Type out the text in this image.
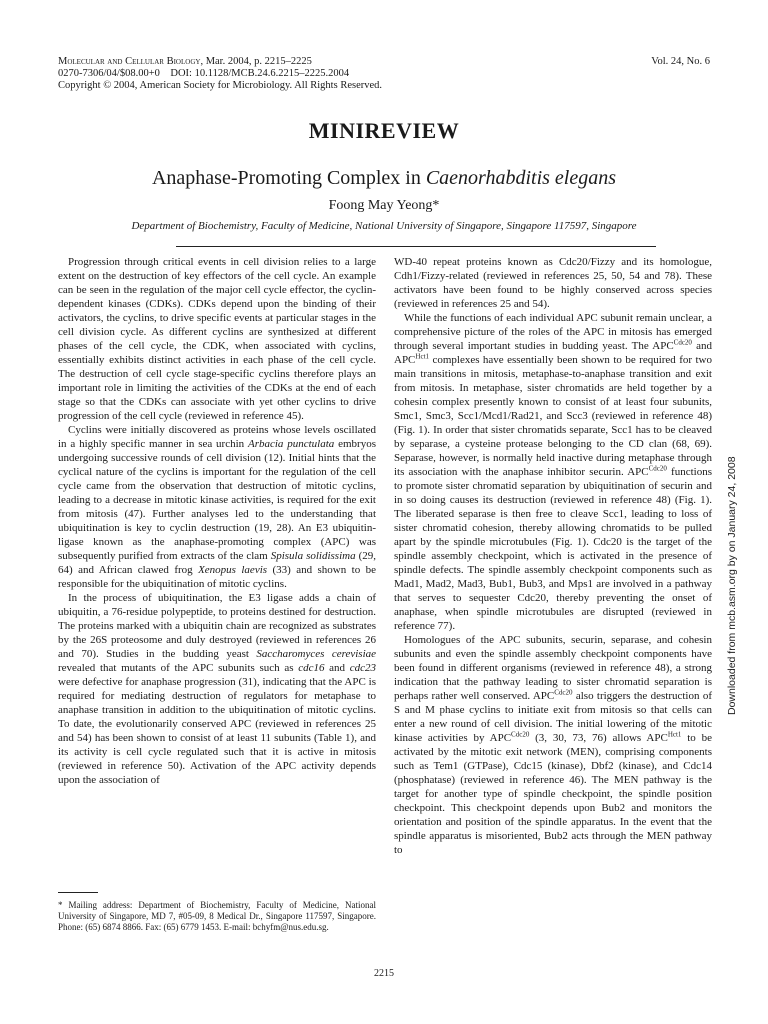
Molecular and Cellular Biology, Mar. 2004, p. 2215–2225
0270-7306/04/$08.00+0    DOI: 10.1128/MCB.24.6.2215–2225.2004
Copyright © 2004, American Society for Microbiology. All Rights Reserved.
Vol. 24, No. 6
MINIREVIEW
Anaphase-Promoting Complex in Caenorhabditis elegans
Foong May Yeong*
Department of Biochemistry, Faculty of Medicine, National University of Singapore, Singapore 117597, Singapore

Progression through critical events in cell division relies to a large extent on the destruction of key effectors of the cell cycle. An example can be seen in the regulation of the major cell cycle effector, the cyclin-dependent kinases (CDKs). CDKs depend upon the binding of their activators, the cyclins, to drive specific events at particular stages in the cell division cycle. As different cyclins are synthesized at different phases of the cell cycle, the CDK, when associated with cyclins, essentially exhibits distinct activities in each phase of the cell cycle. The destruction of cell cycle stage-specific cyclins therefore plays an important role in limiting the activities of the CDKs at the end of each stage so that the CDKs can associate with yet other cyclins to drive progression of the cell cycle (reviewed in reference 45).

Cyclins were initially discovered as proteins whose levels oscillated in a highly specific manner in sea urchin Arbacia punctulata embryos undergoing successive rounds of cell division (12). Initial hints that the cyclical nature of the cyclins is important for the regulation of the cell cycle came from the observation that destruction of mitotic cyclins, leading to a decrease in mitotic kinase activities, is required for the exit from mitosis (47). Further analyses led to the understanding that ubiquitination is key to cyclin destruction (19, 28). An E3 ubiquitin-ligase known as the anaphase-promoting complex (APC) was subsequently purified from extracts of the clam Spisula solidissima (29, 64) and African clawed frog Xenopus laevis (33) and shown to be responsible for the ubiquitination of mitotic cyclins.

In the process of ubiquitination, the E3 ligase adds a chain of ubiquitin, a 76-residue polypeptide, to proteins destined for destruction. The proteins marked with a ubiquitin chain are recognized as substrates by the 26S proteosome and duly destroyed (reviewed in references 26 and 70). Studies in the budding yeast Saccharomyces cerevisiae revealed that mutants of the APC subunits such as cdc16 and cdc23 were defective for anaphase progression (31), indicating that the APC is required for mediating destruction of regulators for metaphase to anaphase transition in addition to the ubiquitination of mitotic cyclins. To date, the evolutionarily conserved APC (reviewed in references 25 and 54) has been shown to consist of at least 11 subunits (Table 1), and its activity is cell cycle regulated such that it is active in mitosis (reviewed in reference 50). Activation of the APC activity depends upon the association of

WD-40 repeat proteins known as Cdc20/Fizzy and its homologue, Cdh1/Fizzy-related (reviewed in references 25, 50, 54 and 78). These activators have been found to be highly conserved across species (reviewed in references 25 and 54).

While the functions of each individual APC subunit remain unclear, a comprehensive picture of the roles of the APC in mitosis has emerged through several important studies in budding yeast. The $APC^{Cdc20}$ and $APC^{Hct1}$ complexes have essentially been shown to be required for two main transitions in mitosis, metaphase-to-anaphase transition and exit from mitosis. In metaphase, sister chromatids are held together by a cohesin complex presently known to consist of at least four subunits, Smc1, Smc3, Scc1/Mcd1/Rad21, and Scc3 (reviewed in reference 48) (Fig. 1). In order that sister chromatids separate, Scc1 has to be cleaved by separase, a cysteine protease belonging to the CD clan (68, 69). Separase, however, is normally held inactive during metaphase through its association with the anaphase inhibitor securin. $APC^{Cdc20}$ functions to promote sister chromatid separation by ubiquitination of securin and in so doing causes its destruction (reviewed in reference 48) (Fig. 1). The liberated separase is then free to cleave Scc1, leading to loss of sister chromatid cohesion, thereby allowing chromatids to be pulled apart by the spindle microtubules (Fig. 1). Cdc20 is the target of the spindle assembly checkpoint, which is activated in the presence of spindle defects. The spindle assembly checkpoint components such as Mad1, Mad2, Mad3, Bub1, Bub3, and Mps1 are involved in a pathway that serves to sequester Cdc20, thereby preventing the onset of anaphase, when spindle microtubules are disrupted (reviewed in reference 77).

Homologues of the APC subunits, securin, separase, and cohesin subunits and even the spindle assembly checkpoint components have been found in different organisms (reviewed in reference 48), a strong indication that the pathway leading to sister chromatid separation is perhaps rather well conserved. $APC^{Cdc20}$ also triggers the destruction of S and M phase cyclins to initiate exit from mitosis so that cells can enter a new round of cell division. The initial lowering of the mitotic kinase activities by $APC^{Cdc20}$ (3, 30, 73, 76) allows $APC^{Hct1}$ to be activated by the mitotic exit network (MEN), comprising components such as Tem1 (GTPase), Cdc15 (kinase), Dbf2 (kinase), and Cdc14 (phosphatase) (reviewed in reference 46). The MEN pathway is the target for another type of spindle checkpoint, the spindle position checkpoint. This checkpoint depends upon Bub2 and monitors the orientation and position of the spindle apparatus. In the event that the spindle apparatus is misoriented, Bub2 acts through the MEN pathway to

* Mailing address: Department of Biochemistry, Faculty of Medicine, National University of Singapore, MD 7, #05-09, 8 Medical Dr., Singapore 117597, Singapore. Phone: (65) 6874 8866. Fax: (65) 6779 1453. E-mail: bchyfm@nus.edu.sg.
2215
Downloaded from mcb.asm.org by on January 24, 2008
